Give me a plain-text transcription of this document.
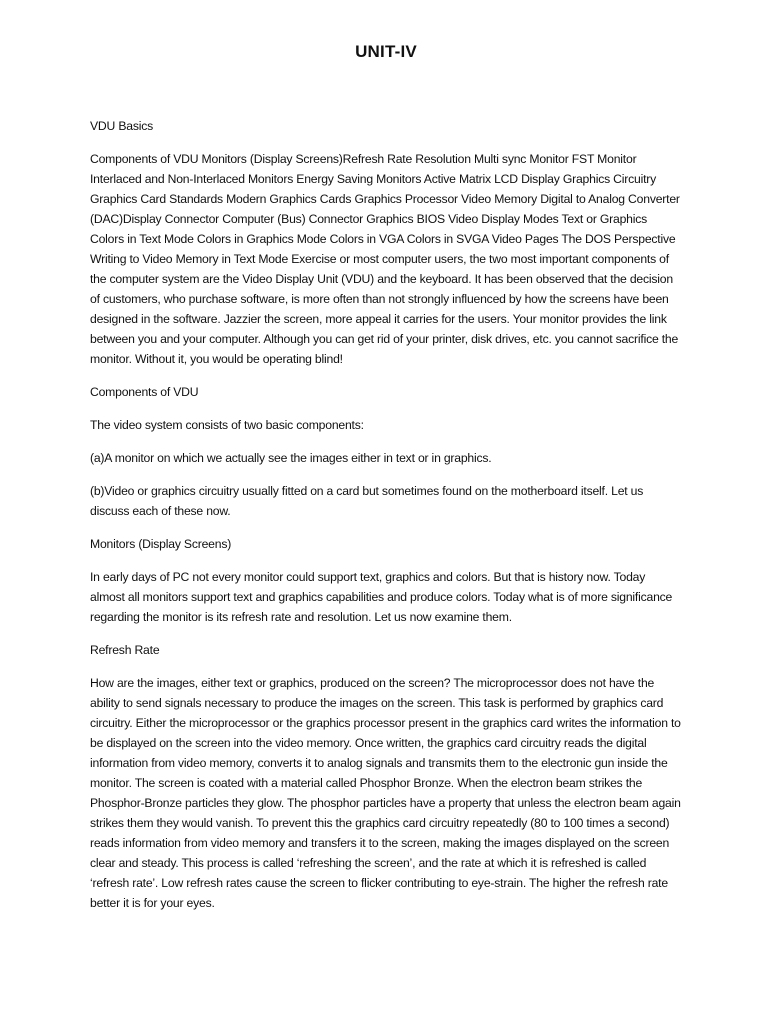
UNIT-IV

VDU Basics

Components of VDU Monitors (Display Screens)Refresh Rate Resolution Multi sync Monitor FST Monitor Interlaced and Non-Interlaced Monitors Energy Saving Monitors Active Matrix LCD Display Graphics Circuitry Graphics Card Standards Modern Graphics Cards Graphics Processor Video Memory Digital to Analog Converter (DAC)Display Connector Computer (Bus) Connector Graphics BIOS Video Display Modes Text or Graphics Colors in Text Mode Colors in Graphics Mode Colors in VGA Colors in SVGA Video Pages The DOS Perspective Writing to Video Memory in Text Mode Exercise or most computer users, the two most important components of the computer system are the Video Display Unit (VDU) and the keyboard. It has been observed that the decision of customers, who purchase software, is more often than not strongly influenced by how the screens have been designed in the software. Jazzier the screen, more appeal it carries for the users. Your monitor provides the link between you and your computer. Although you can get rid of your printer, disk drives, etc. you cannot sacrifice the monitor. Without it, you would be operating blind!

Components of VDU

The video system consists of two basic components:

(a)A monitor on which we actually see the images either in text or in graphics.

(b)Video or graphics circuitry usually fitted on a card but sometimes found on the motherboard itself. Let us discuss each of these now.

Monitors (Display Screens)

In early days of PC not every monitor could support text, graphics and colors. But that is history now. Today almost all monitors support text and graphics capabilities and produce colors. Today what is of more significance regarding the monitor is its refresh rate and resolution. Let us now examine them.

Refresh Rate

How are the images, either text or graphics, produced on the screen? The microprocessor does not have the ability to send signals necessary to produce the images on the screen. This task is performed by graphics card circuitry. Either the microprocessor or the graphics processor present in the graphics card writes the information to be displayed on the screen into the video memory. Once written, the graphics card circuitry reads the digital information from video memory, converts it to analog signals and transmits them to the electronic gun inside the monitor. The screen is coated with a material called Phosphor Bronze. When the electron beam strikes the Phosphor-Bronze particles they glow. The phosphor particles have a property that unless the electron beam again strikes them they would vanish. To prevent this the graphics card circuitry repeatedly (80 to 100 times a second) reads information from video memory and transfers it to the screen, making the images displayed on the screen clear and steady. This process is called ‘refreshing the screen’, and the rate at which it is refreshed is called ‘refresh rate’. Low refresh rates cause the screen to flicker contributing to eye-strain. The higher the refresh rate better it is for your eyes.
